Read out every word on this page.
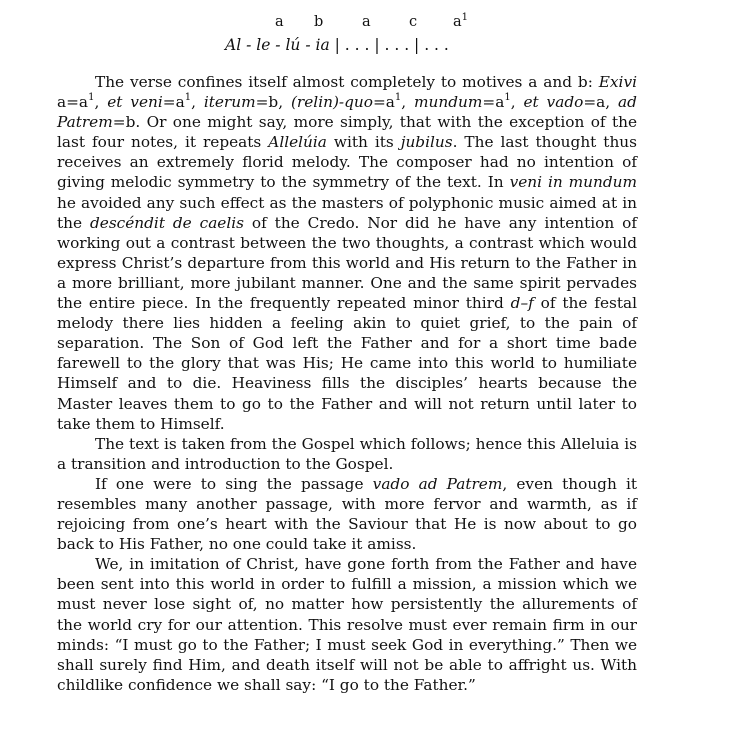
a b	a	c $a^1$
Al - le - lú - ia | . . . | . . . | . . .

The verse confines itself almost completely to motives a and b: Exivi $a=a^1$, et $veni=a^1$, iterum=b, $(relin)-quo=a^1$, $mundum=a^1$, et vado=a, ad Patrem=b. Or one might say, more simply, that with the exception of the last four notes, it repeats Allelúia with its jubilus. The last thought thus receives an extremely florid melody. The composer had no intention of giving melodic symmetry to the symmetry of the text. In veni in mundum he avoided any such effect as the masters of polyphonic music aimed at in the descéndit de caelis of the Credo. Nor did he have any intention of working out a contrast between the two thoughts, a contrast which would express Christ’s departure from this world and His return to the Father in a more brilliant, more jubilant manner. One and the same spirit pervades the entire piece. In the frequently repeated minor third d–f of the festal melody there lies hidden a feeling akin to quiet grief, to the pain of separation. The Son of God left the Father and for a short time bade farewell to the glory that was His; He came into this world to humiliate Himself and to die. Heaviness fills the disciples’ hearts because the Master leaves them to go to the Father and will not return until later to take them to Himself.

The text is taken from the Gospel which follows; hence this Alleluia is a transition and introduction to the Gospel.

If one were to sing the passage vado ad Patrem, even though it resembles many another passage, with more fervor and warmth, as if rejoicing from one’s heart with the Saviour that He is now about to go back to His Father, no one could take it amiss.

We, in imitation of Christ, have gone forth from the Father and have been sent into this world in order to fulfill a mission, a mission which we must never lose sight of, no matter how persistently the allurements of the world cry for our attention. This resolve must ever remain firm in our minds: “I must go to the Father; I must seek God in everything.” Then we shall surely find Him, and death itself will not be able to affright us. With childlike confidence we shall say: “I go to the Father.”
